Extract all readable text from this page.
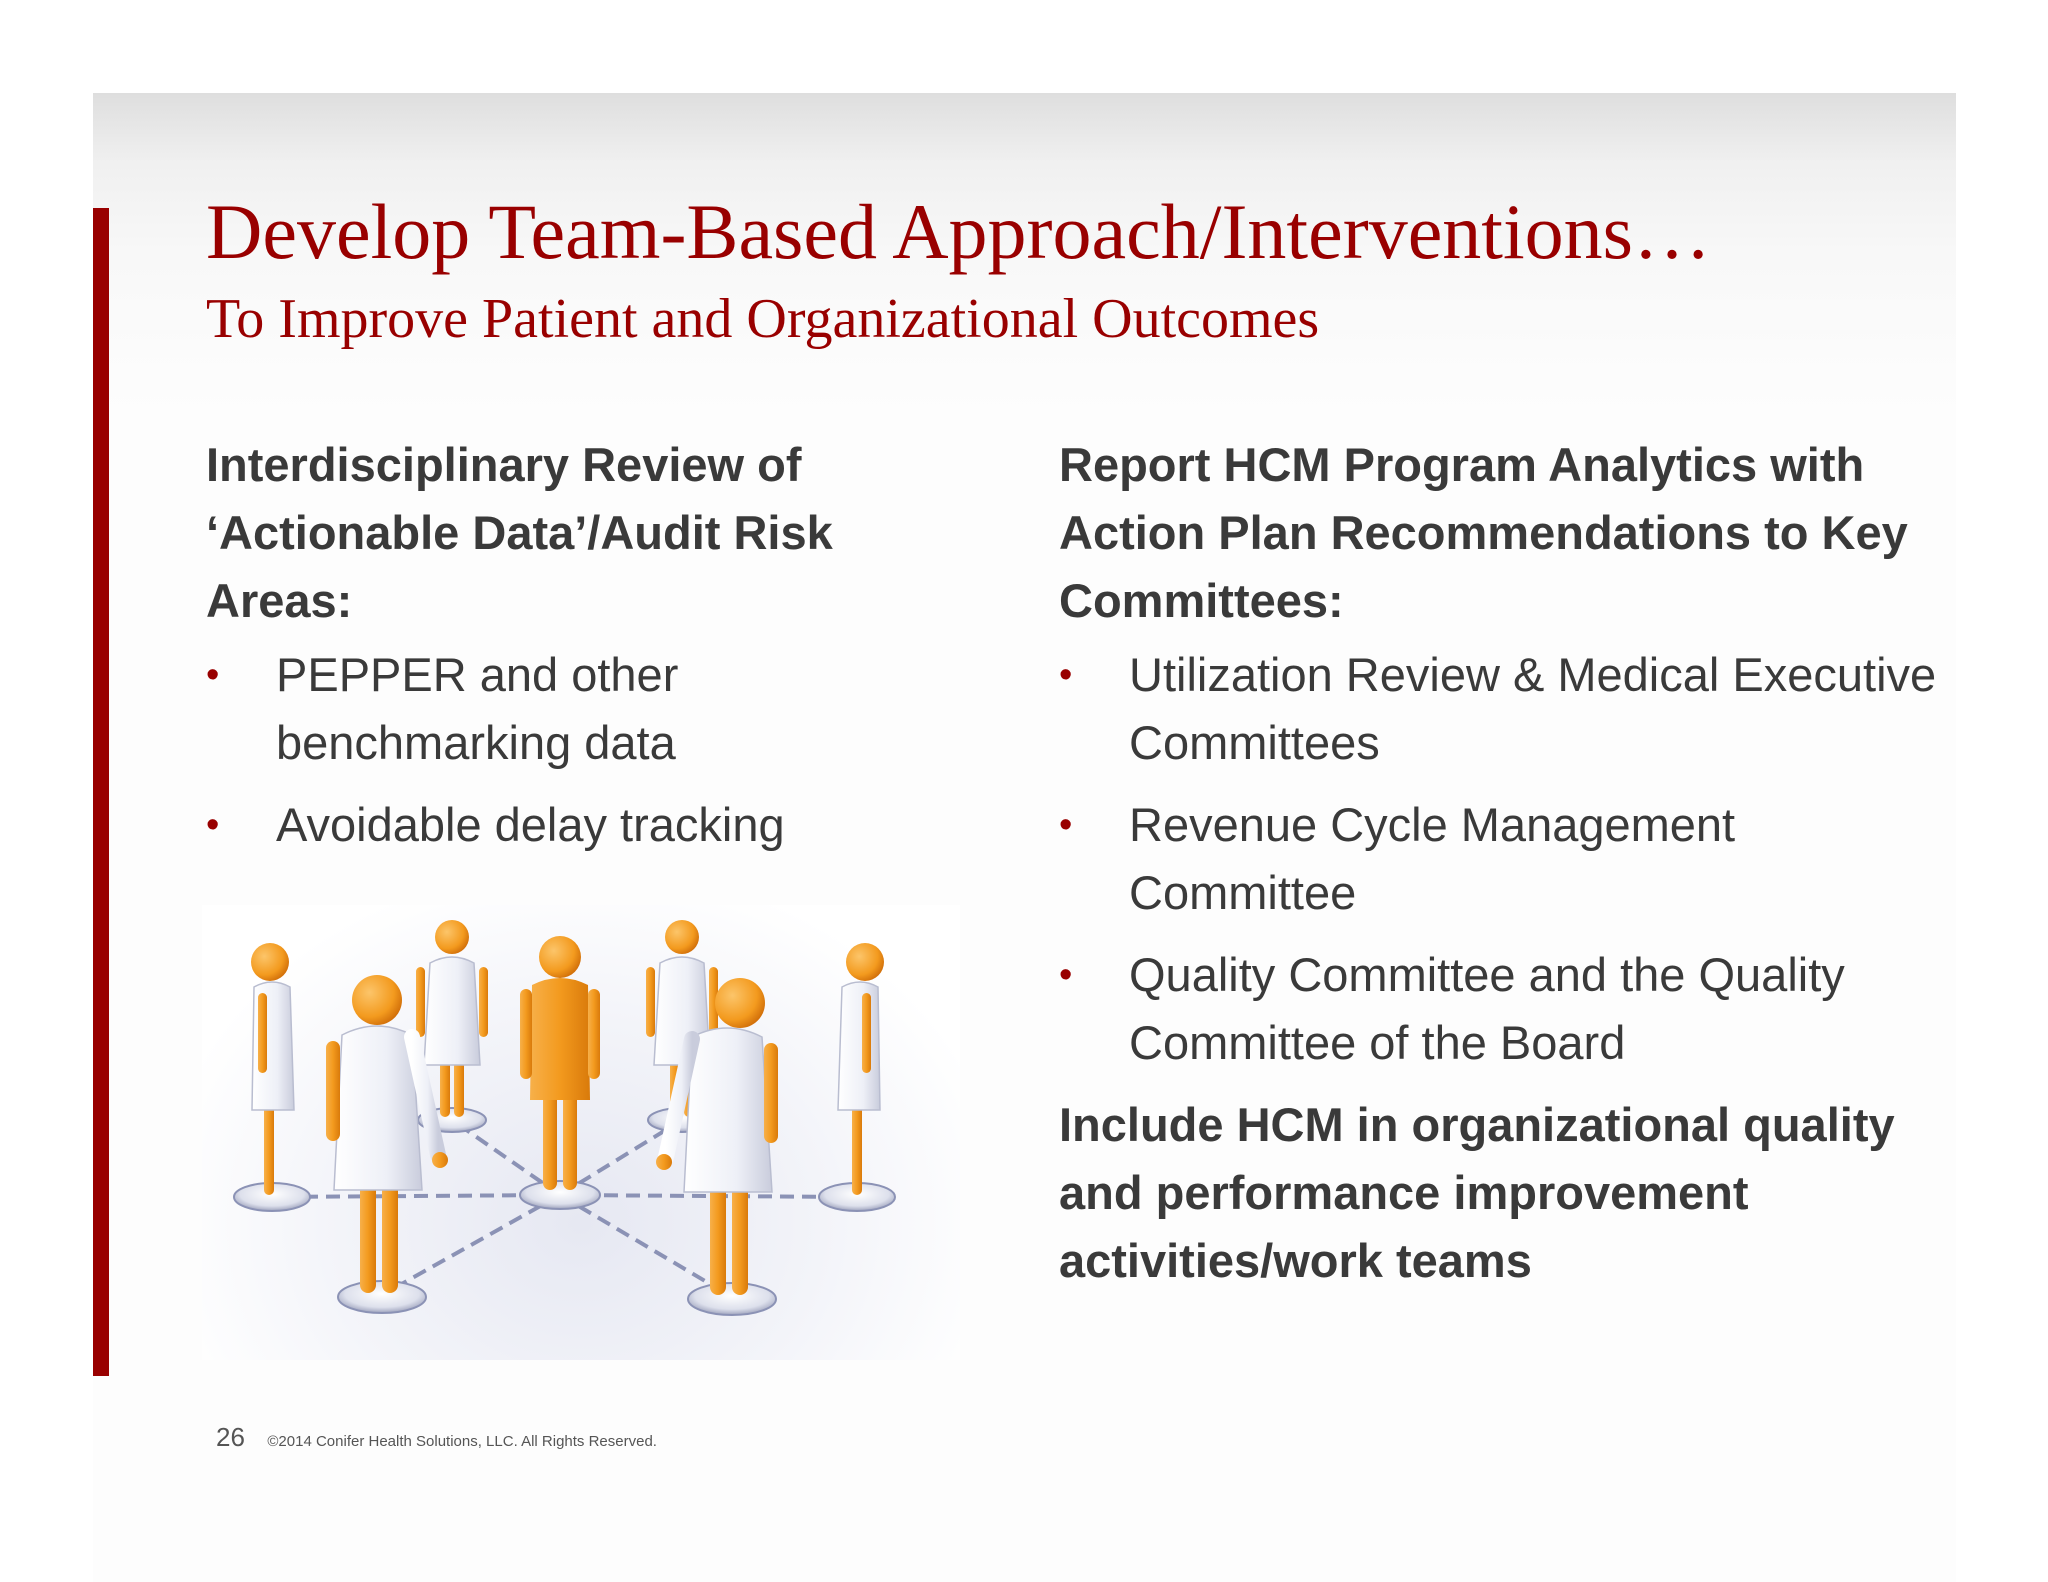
Develop Team-Based Approach/Interventions…
To Improve Patient and Organizational Outcomes

Interdisciplinary Review of ‘Actionable Data’/Audit Risk Areas:

•	PEPPER and other benchmarking data
•	Avoidable delay tracking

Report HCM Program Analytics with Action Plan Recommendations to Key Committees:

•	Utilization Review & Medical Executive Committees
•	Revenue Cycle Management Committee
•	Quality Committee and the Quality Committee of the Board

Include HCM in organizational quality and performance improvement activities/work teams

26 ©2014 Conifer Health Solutions, LLC. All Rights Reserved.
